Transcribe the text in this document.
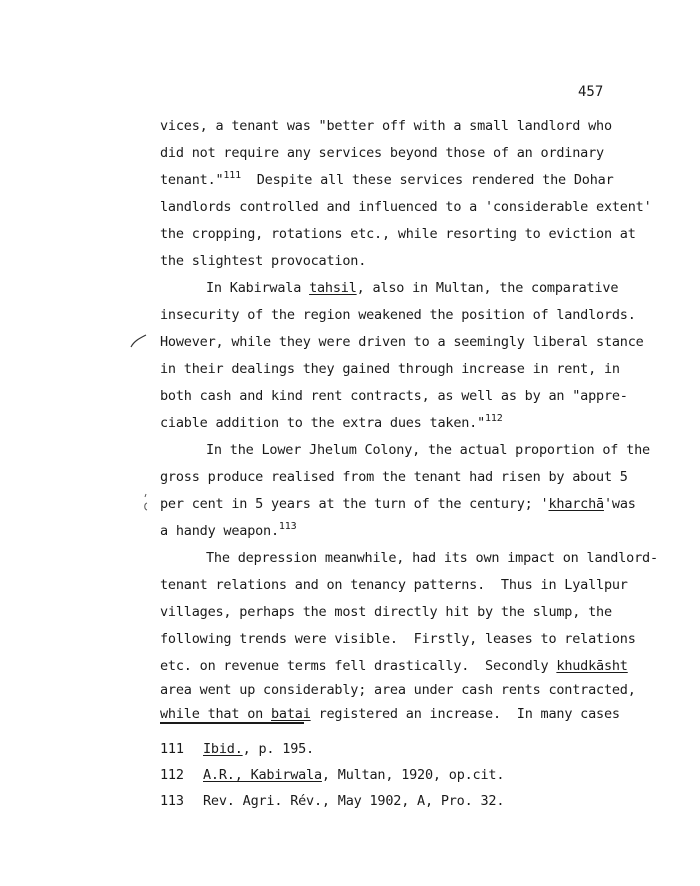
457
vices, a tenant was "better off with a small landlord who
did not require any services beyond those of an ordinary
tenant."$^{111}$  Despite all these services rendered the Dohar
landlords controlled and influenced to a 'considerable extent'
the cropping, rotations etc., while resorting to eviction at
the slightest provocation.
In Kabirwala tahsil, also in Multan, the comparative
insecurity of the region weakened the position of landlords.
However, while they were driven to a seemingly liberal stance
in their dealings they gained through increase in rent, in
both cash and kind rent contracts, as well as by an "appre-
ciable addition to the extra dues taken."$^{112}$
In the Lower Jhelum Colony, the actual proportion of the
gross produce realised from the tenant had risen by about 5
per cent in 5 years at the turn of the century; 'kharchā'was
a handy weapon.$^{113}$
The depression meanwhile, had its own impact on landlord-
tenant relations and on tenancy patterns.  Thus in Lyallpur
villages, perhaps the most directly hit by the slump, the
following trends were visible.  Firstly, leases to relations
etc. on revenue terms fell drastically.  Secondly khudkāsht
area went up considerably; area under cash rents contracted,
while that on batai registered an increase.  In many cases
111 Ibid., p. 195.
112 A.R., Kabirwala, Multan, 1920, op.cit.
113 Rev. Agri. Rév., May 1902, A, Pro. 32.
